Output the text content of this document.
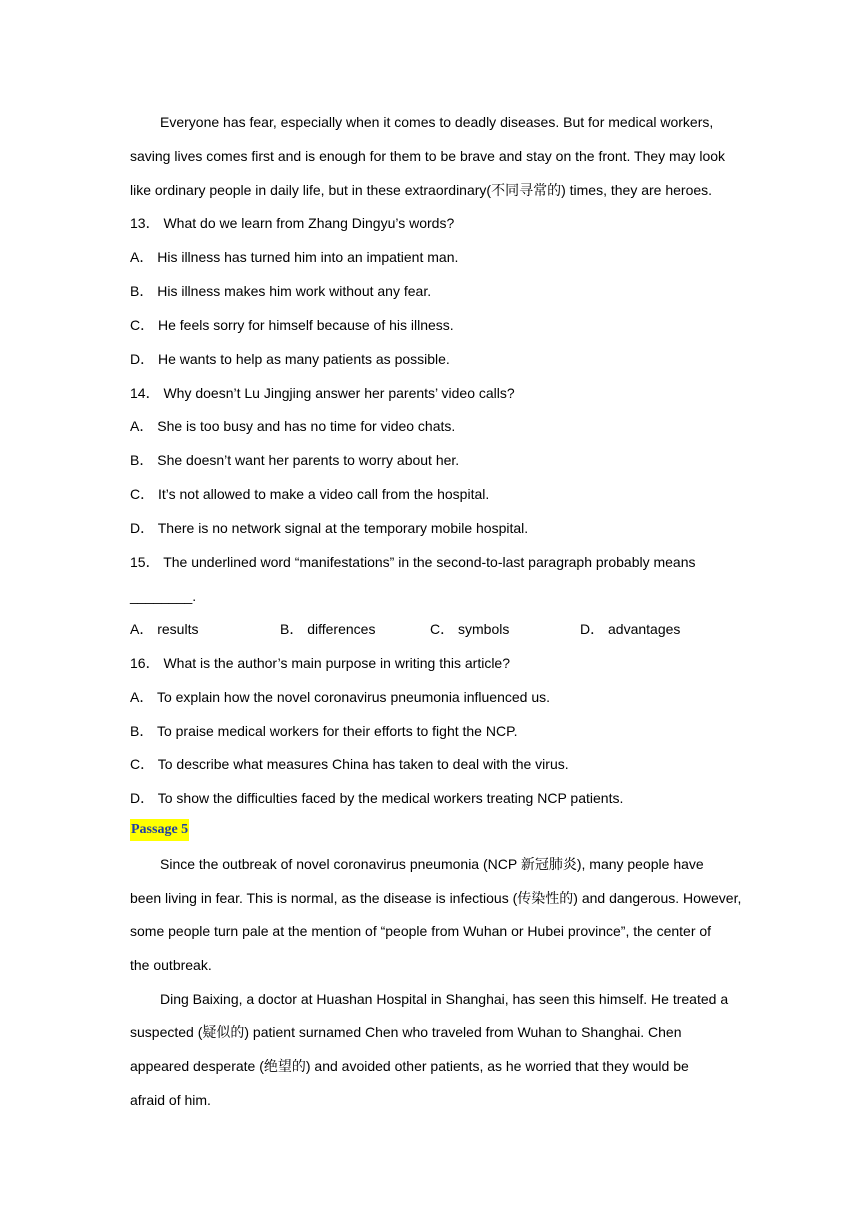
Everyone has fear, especially when it comes to deadly diseases. But for medical workers,
saving lives comes first and is enough for them to be brave and stay on the front. They may look
like ordinary people in daily life, but in these extraordinary(不同寻常的) times, they are heroes.
13． What do we learn from Zhang Dingyu’s words?
A． His illness has turned him into an impatient man.
B． His illness makes him work without any fear.
C． He feels sorry for himself because of his illness.
D． He wants to help as many patients as possible.
14． Why doesn’t Lu Jingjing answer her parents’ video calls?
A． She is too busy and has no time for video chats.
B． She doesn’t want her parents to worry about her.
C． It’s not allowed to make a video call from the hospital.
D． There is no network signal at the temporary mobile hospital.
15． The underlined word “manifestations” in the second-to-last paragraph probably means
________.
A． results	B． differences	C． symbols	D． advantages
16． What is the author’s main purpose in writing this article?
A． To explain how the novel coronavirus pneumonia influenced us.
B． To praise medical workers for their efforts to fight the NCP.
C． To describe what measures China has taken to deal with the virus.
D． To show the difficulties faced by the medical workers treating NCP patients.
Passage 5
Since the outbreak of novel coronavirus pneumonia (NCP 新冠肺炎), many people have
been living in fear. This is normal, as the disease is infectious (传染性的) and dangerous. However,
some people turn pale at the mention of “people from Wuhan or Hubei province”, the center of
the outbreak.
Ding Baixing, a doctor at Huashan Hospital in Shanghai, has seen this himself. He treated a
suspected (疑似的) patient surnamed Chen who traveled from Wuhan to Shanghai. Chen
appeared desperate (绝望的) and avoided other patients, as he worried that they would be
afraid of him.
